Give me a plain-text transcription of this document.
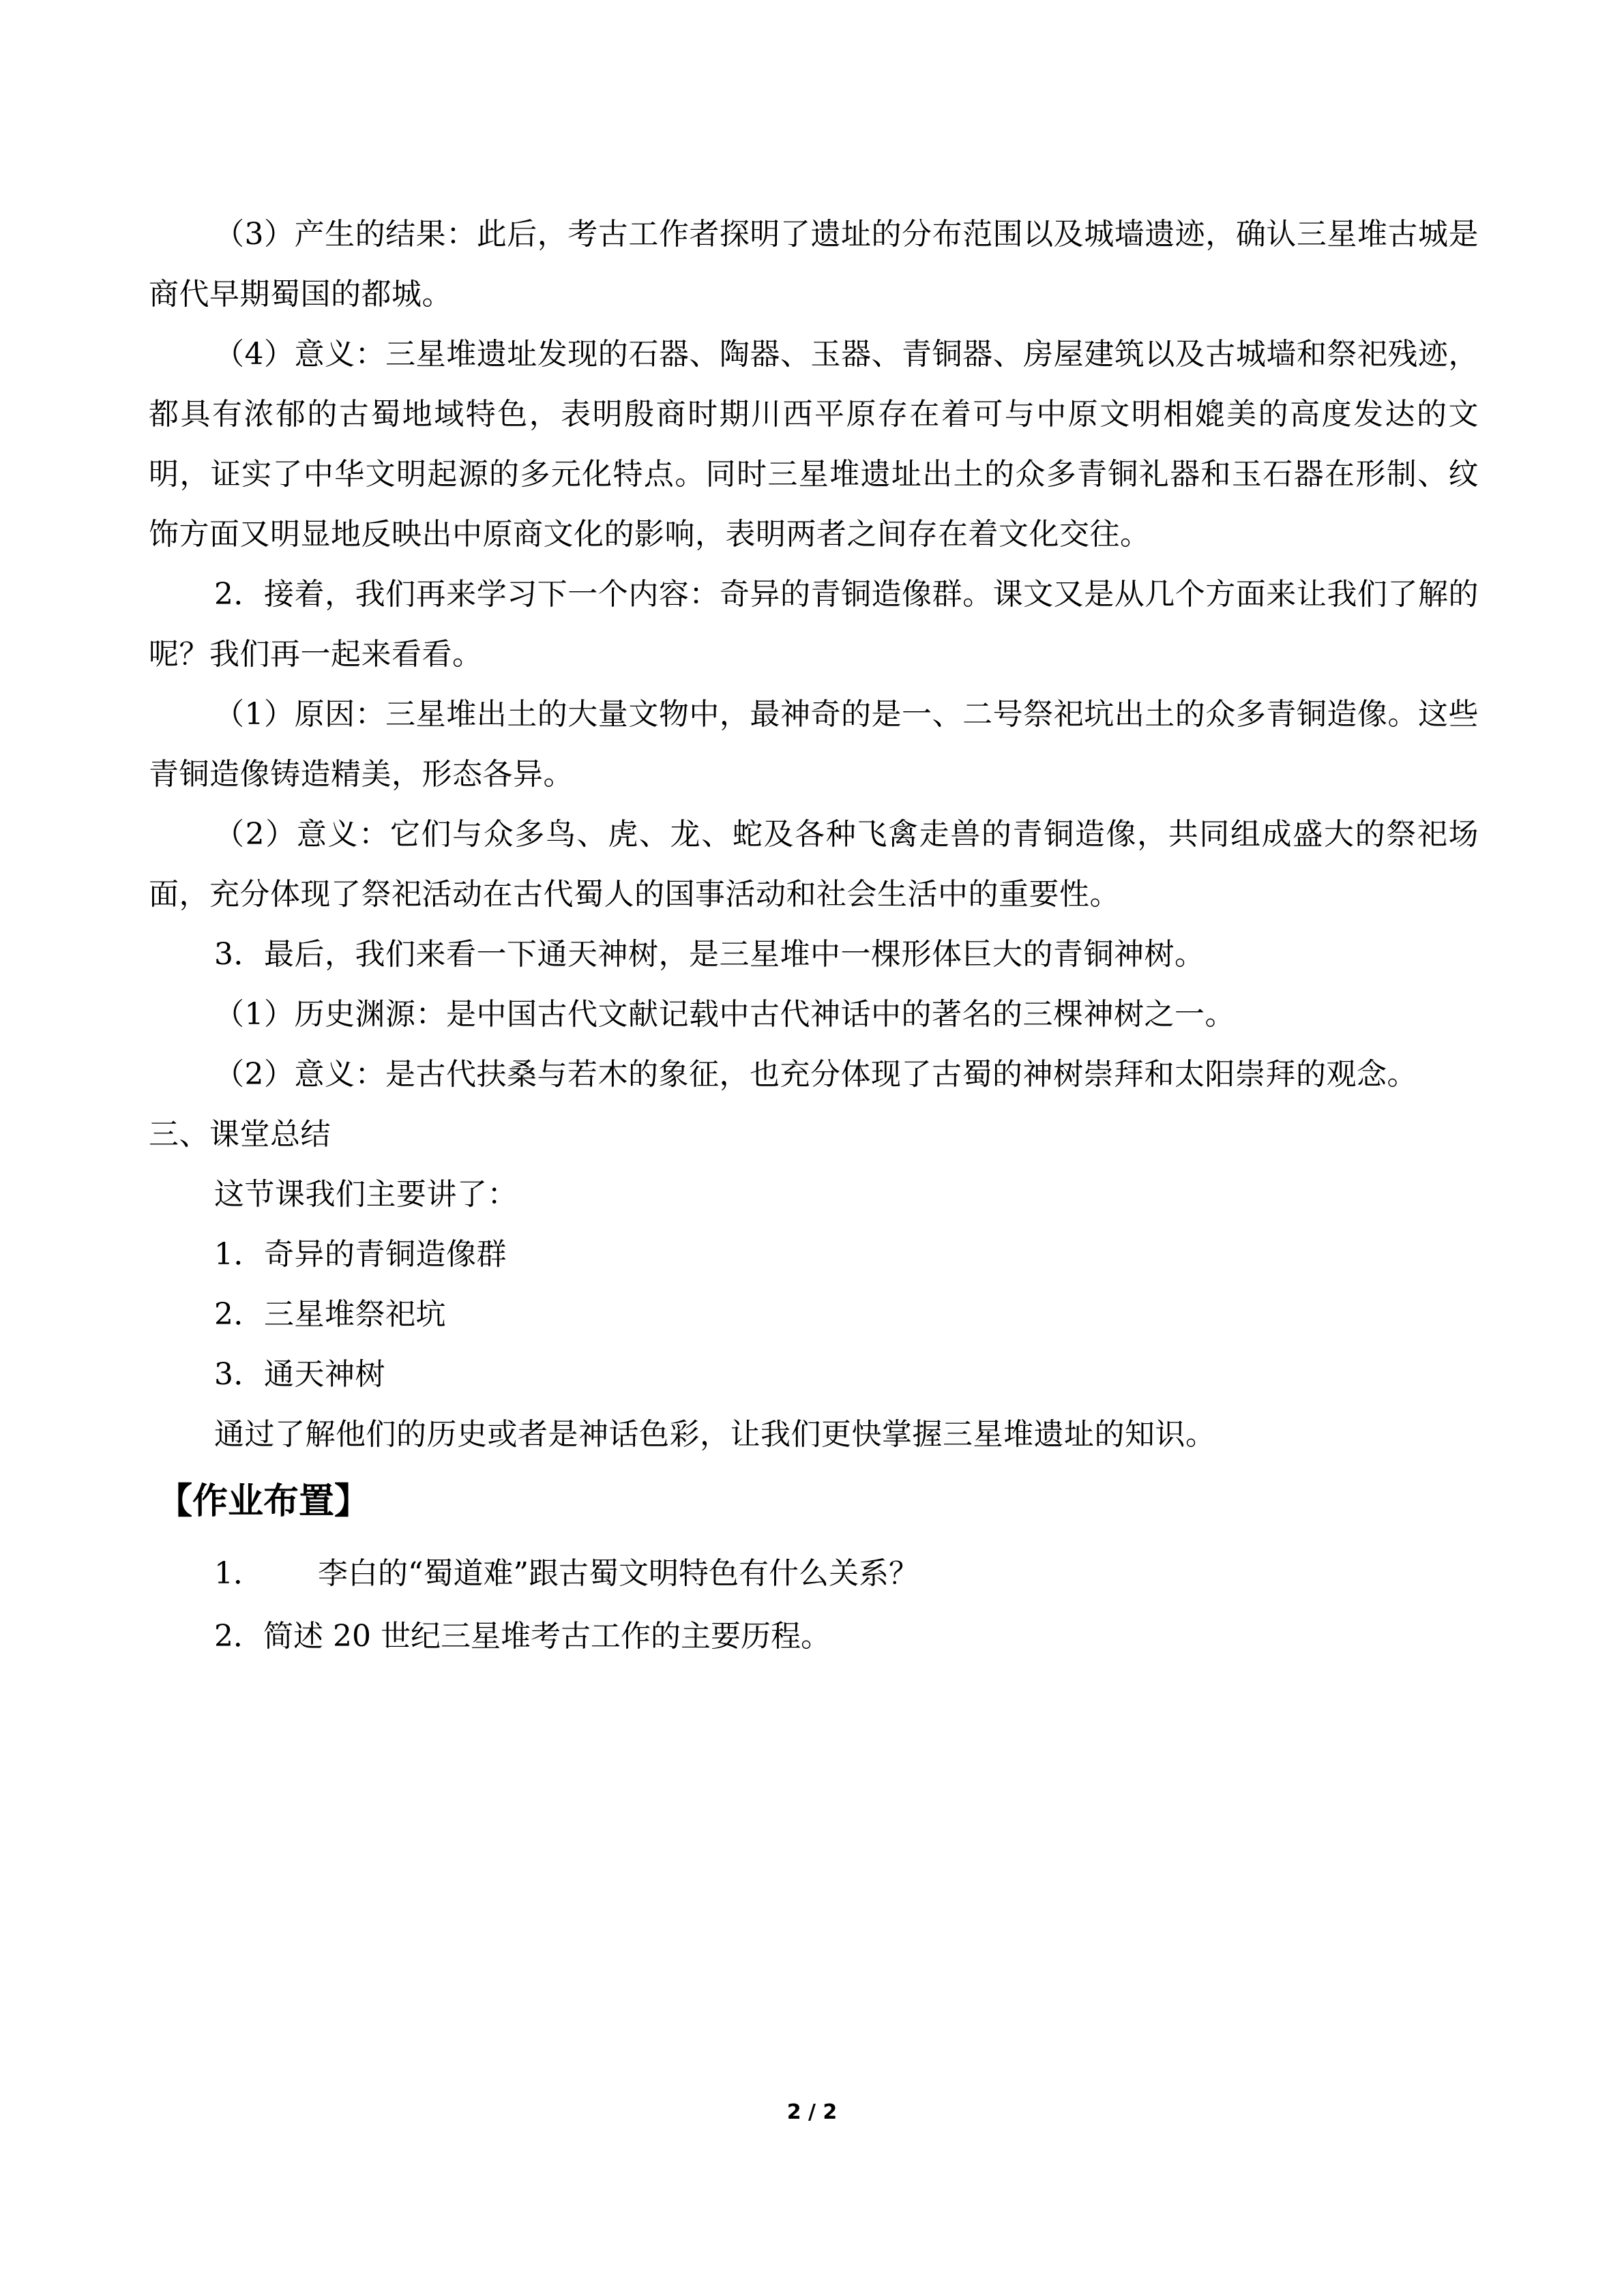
（3）产生的结果：此后，考古工作者探明了遗址的分布范围以及城墙遗迹，确认三星堆古城是商代早期蜀国的都城。

（4）意义：三星堆遗址发现的石器、陶器、玉器、青铜器、房屋建筑以及古城墙和祭祀残迹，都具有浓郁的古蜀地域特色，表明殷商时期川西平原存在着可与中原文明相媲美的高度发达的文明，证实了中华文明起源的多元化特点。同时三星堆遗址出土的众多青铜礼器和玉石器在形制、纹饰方面又明显地反映出中原商文化的影响，表明两者之间存在着文化交往。

2．接着，我们再来学习下一个内容：奇异的青铜造像群。课文又是从几个方面来让我们了解的呢？我们再一起来看看。

（1）原因：三星堆出土的大量文物中，最神奇的是一、二号祭祀坑出土的众多青铜造像。这些青铜造像铸造精美，形态各异。

（2）意义：它们与众多鸟、虎、龙、蛇及各种飞禽走兽的青铜造像，共同组成盛大的祭祀场面，充分体现了祭祀活动在古代蜀人的国事活动和社会生活中的重要性。

3．最后，我们来看一下通天神树，是三星堆中一棵形体巨大的青铜神树。

（1）历史渊源：是中国古代文献记载中古代神话中的著名的三棵神树之一。

（2）意义：是古代扶桑与若木的象征，也充分体现了古蜀的神树崇拜和太阳崇拜的观念。

三、课堂总结

这节课我们主要讲了：

1．奇异的青铜造像群

2．三星堆祭祀坑

3．通天神树

通过了解他们的历史或者是神话色彩，让我们更快掌握三星堆遗址的知识。

【作业布置】

1． 李白的“蜀道难”跟古蜀文明特色有什么关系？

2．简述 20 世纪三星堆考古工作的主要历程。

2 / 2
